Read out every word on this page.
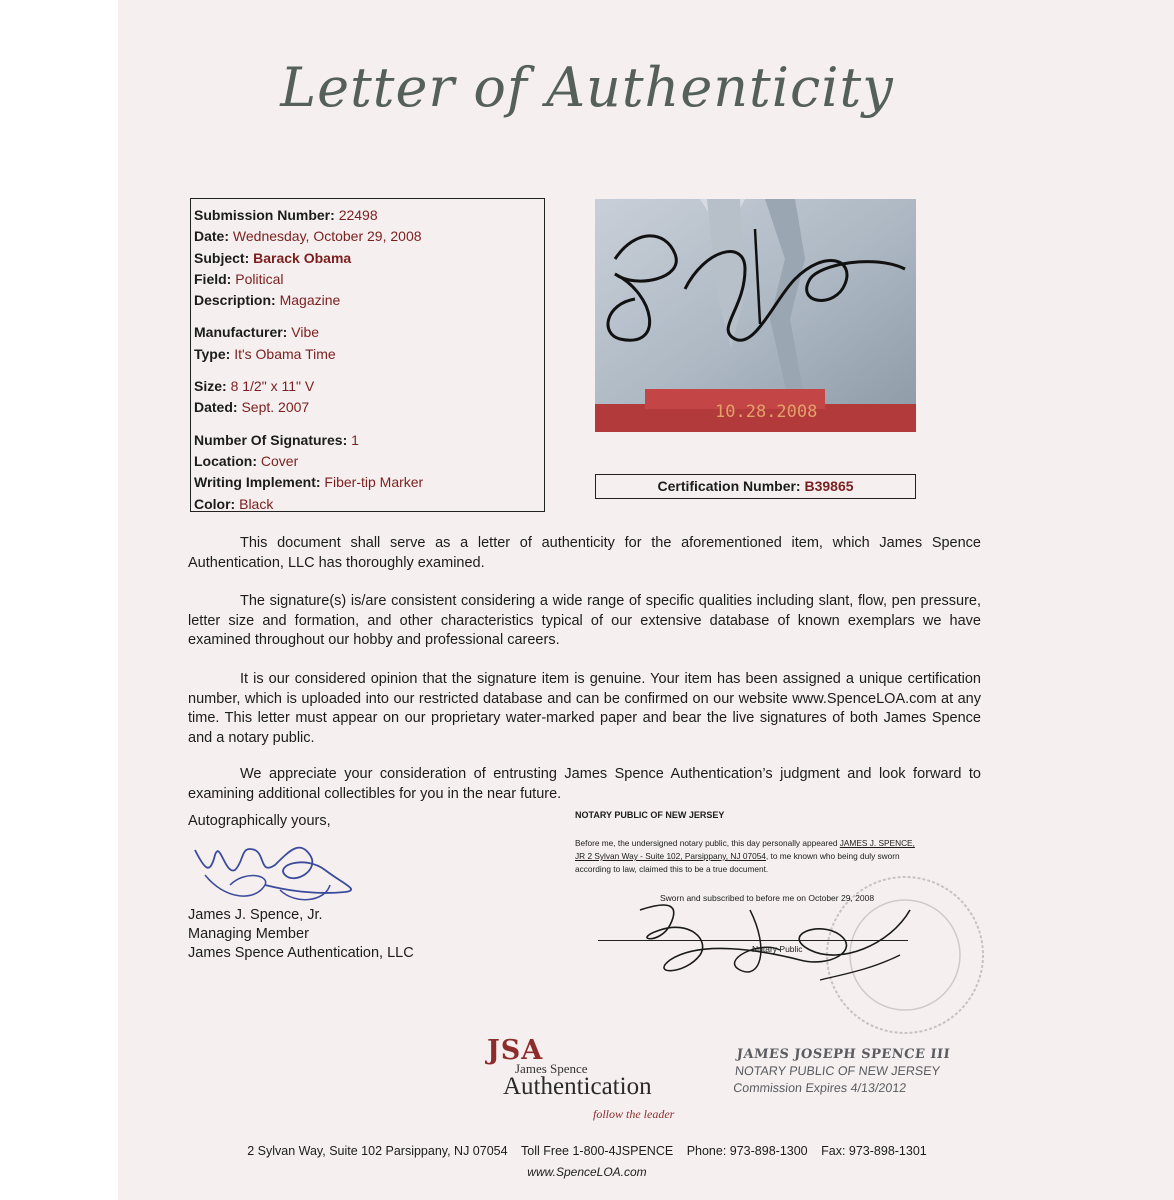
Letter of Authenticity
Submission Number: 22498
Date: Wednesday, October 29, 2008
Subject: Barack Obama
Field: Political
Description: Magazine
Manufacturer: Vibe
Type: It's Obama Time
Size: 8 1/2" x 11" V
Dated: Sept. 2007
Number Of Signatures: 1
Location: Cover
Writing Implement: Fiber-tip Marker
Color: Black
10.28.2008
Certification Number: B39865
This document shall serve as a letter of authenticity for the aforementioned item, which James Spence Authentication, LLC has thoroughly examined.
The signature(s) is/are consistent considering a wide range of specific qualities including slant, flow, pen pressure, letter size and formation, and other characteristics typical of our extensive database of known exemplars we have examined throughout our hobby and professional careers.
It is our considered opinion that the signature item is genuine. Your item has been assigned a unique certification number, which is uploaded into our restricted database and can be confirmed on our website www.SpenceLOA.com at any time. This letter must appear on our proprietary water-marked paper and bear the live signatures of both James Spence and a notary public.
We appreciate your consideration of entrusting James Spence Authentication’s judgment and look forward to examining additional collectibles for you in the near future.
Autographically yours,
James J. Spence, Jr.
Managing Member
James Spence Authentication, LLC
NOTARY PUBLIC OF NEW JERSEY
Before me, the undersigned notary public, this day personally appeared JAMES J. SPENCE, JR 2 Sylvan Way - Suite 102, Parsippany, NJ 07054, to me known who being duly sworn according to law, claimed this to be a true document.
Sworn and subscribed to before me on October 29, 2008
Notary Public
JSA
James Spence
Authentication
follow the leader
JAMES JOSEPH SPENCE III
NOTARY PUBLIC OF NEW JERSEY
Commission Expires 4/13/2012
2 Sylvan Way, Suite 102 Parsippany, NJ 07054 Toll Free 1-800-4JSPENCE Phone: 973-898-1300 Fax: 973-898-1301
www.SpenceLOA.com
